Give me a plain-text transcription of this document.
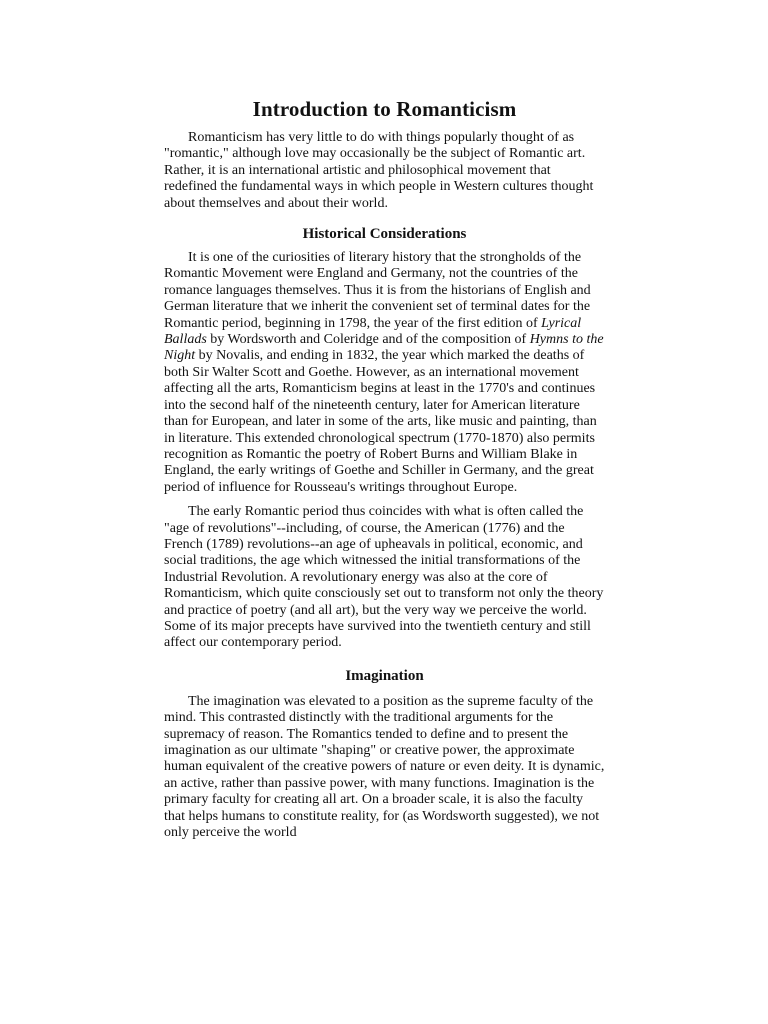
Introduction to Romanticism

Romanticism has very little to do with things popularly thought of as "romantic," although love may occasionally be the subject of Romantic art. Rather, it is an international artistic and philosophical movement that redefined the fundamental ways in which people in Western cultures thought about themselves and about their world.

Historical Considerations

It is one of the curiosities of literary history that the strongholds of the Romantic Movement were England and Germany, not the countries of the romance languages themselves. Thus it is from the historians of English and German literature that we inherit the convenient set of terminal dates for the Romantic period, beginning in 1798, the year of the first edition of Lyrical Ballads by Wordsworth and Coleridge and of the composition of Hymns to the Night by Novalis, and ending in 1832, the year which marked the deaths of both Sir Walter Scott and Goethe. However, as an international movement affecting all the arts, Romanticism begins at least in the 1770's and continues into the second half of the nineteenth century, later for American literature than for European, and later in some of the arts, like music and painting, than in literature. This extended chronological spectrum (1770-1870) also permits recognition as Romantic the poetry of Robert Burns and William Blake in England, the early writings of Goethe and Schiller in Germany, and the great period of influence for Rousseau's writings throughout Europe.

The early Romantic period thus coincides with what is often called the "age of revolutions"--including, of course, the American (1776) and the French (1789) revolutions--an age of upheavals in political, economic, and social traditions, the age which witnessed the initial transformations of the Industrial Revolution. A revolutionary energy was also at the core of Romanticism, which quite consciously set out to transform not only the theory and practice of poetry (and all art), but the very way we perceive the world. Some of its major precepts have survived into the twentieth century and still affect our contemporary period.

Imagination

The imagination was elevated to a position as the supreme faculty of the mind. This contrasted distinctly with the traditional arguments for the supremacy of reason. The Romantics tended to define and to present the imagination as our ultimate "shaping" or creative power, the approximate human equivalent of the creative powers of nature or even deity. It is dynamic, an active, rather than passive power, with many functions. Imagination is the primary faculty for creating all art. On a broader scale, it is also the faculty that helps humans to constitute reality, for (as Wordsworth suggested), we not only perceive the world
